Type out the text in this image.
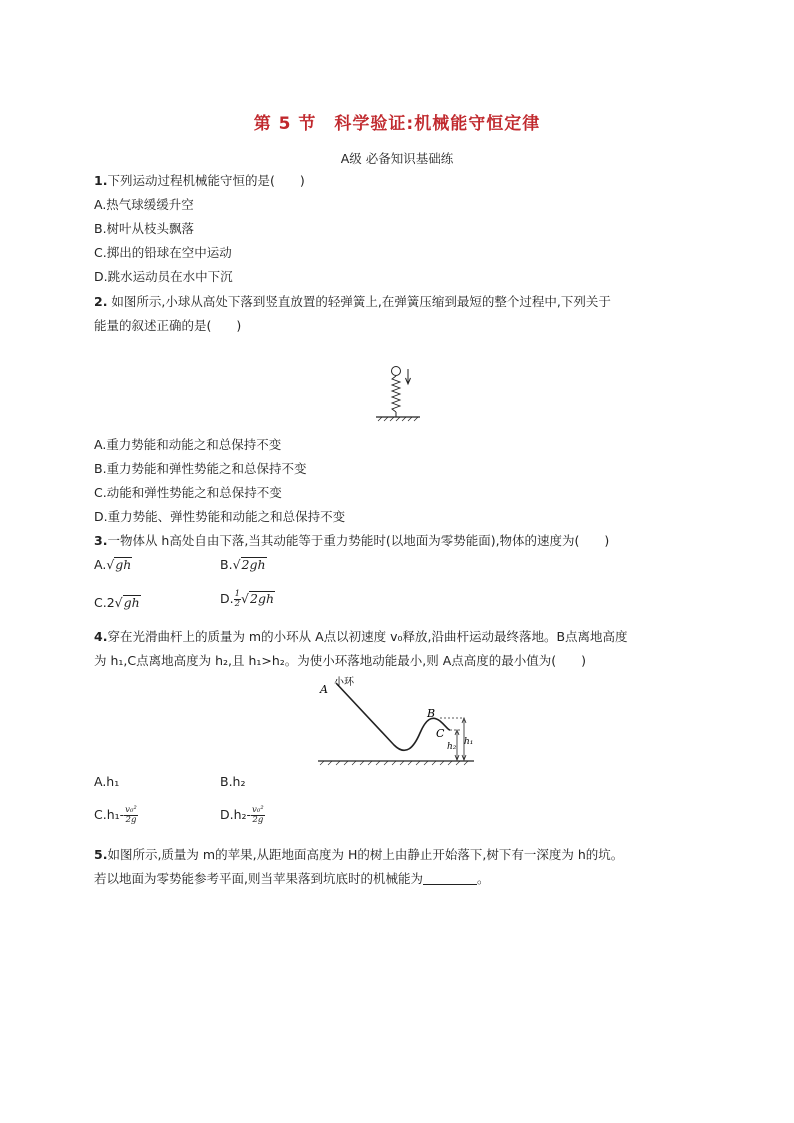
第 5 节　科学验证:机械能守恒定律
A级 必备知识基础练
1.下列运动过程机械能守恒的是(　　)
A.热气球缓缓升空
B.树叶从枝头飘落
C.掷出的铅球在空中运动
D.跳水运动员在水中下沉
2. 如图所示,小球从高处下落到竖直放置的轻弹簧上,在弹簧压缩到最短的整个过程中,下列关于
能量的叙述正确的是(　　)
A.重力势能和动能之和总保持不变
B.重力势能和弹性势能之和总保持不变
C.动能和弹性势能之和总保持不变
D.重力势能、弹性势能和动能之和总保持不变
3.一物体从 h高处自由下落,当其动能等于重力势能时(以地面为零势能面),物体的速度为(　　)
A.√gh	B.√2gh
C.2√gh	D. $\frac{1}{2} √2gh$
4.穿在光滑曲杆上的质量为 m的小环从 A点以初速度 v₀释放,沿曲杆运动最终落地。B点离地高度
为 h₁,C点离地高度为 h₂,且 h₁>h₂。为使小环落地动能最小,则 A点高度的最小值为(　　)
A
小环
B
C
h₁
h₂
A.h₁	B.h₂
$C.h_1- \frac{\text{v₀²}}{2g}$	$D.h_2- \frac{\text{v₀²}}{2g}$
5.如图所示,质量为 m的苹果,从距地面高度为 H的树上由静止开始落下,树下有一深度为 h的坑。
若以地面为零势能参考平面,则当苹果落到坑底时的机械能为	。
